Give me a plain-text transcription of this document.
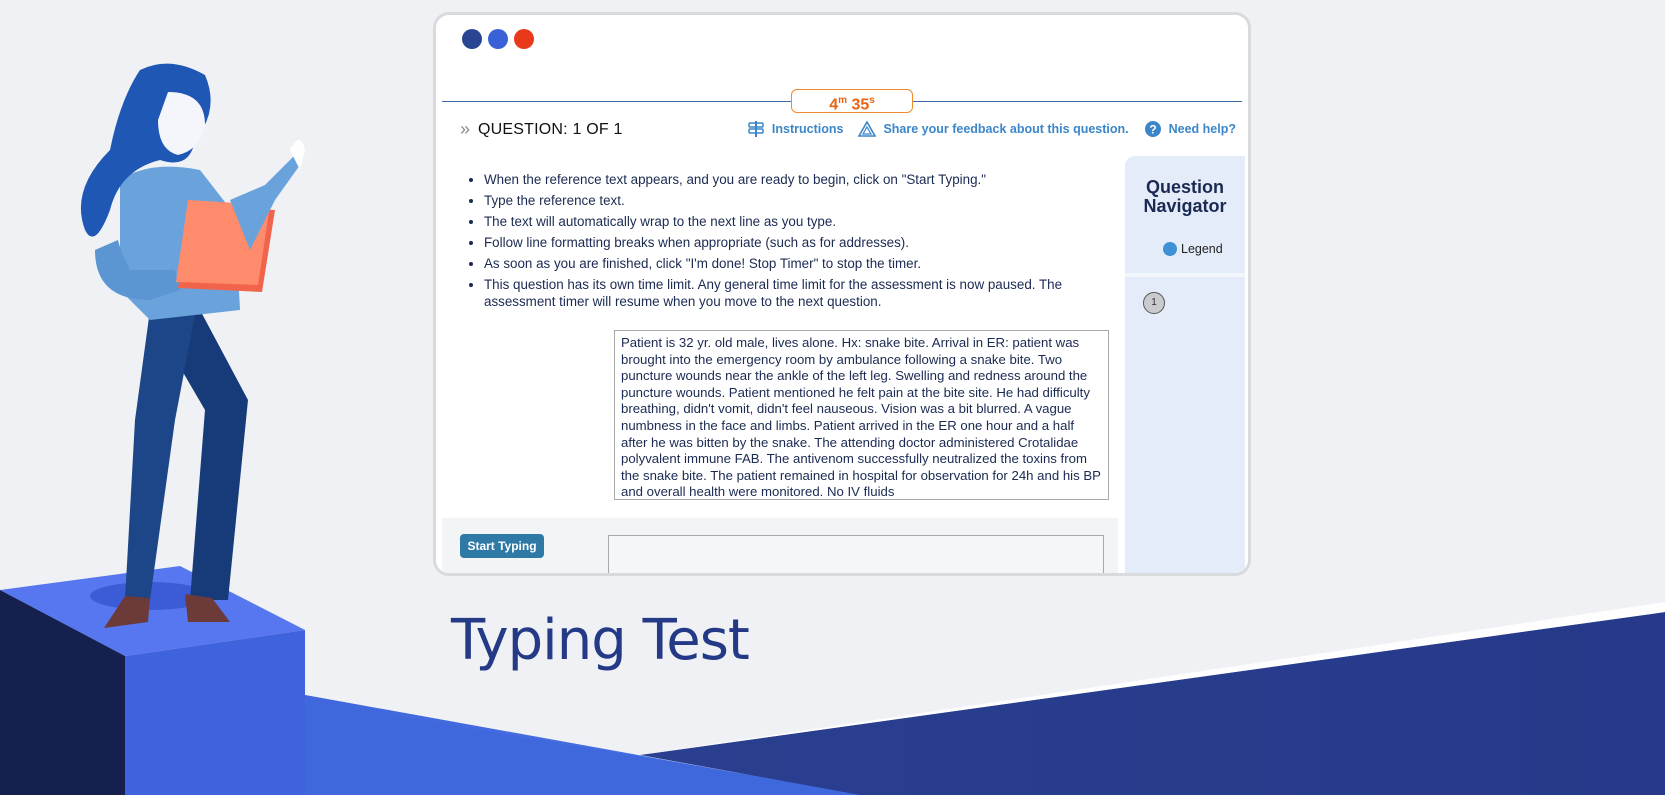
4$^m$ 35$^s$
» QUESTION: 1 OF 1	Instructions	Share your feedback about this question. ? Need help?
• When the reference text appears, and you are ready to begin, click on "Start Typing."
• Type the reference text.
• The text will automatically wrap to the next line as you type.
• Follow line formatting breaks when appropriate (such as for addresses).
• As soon as you are finished, click "I'm done! Stop Timer" to stop the timer.
• This question has its own time limit. Any general time limit for the assessment is now paused. The assessment timer will resume when you move to the next question.
Patient is 32 yr. old male, lives alone. Hx: snake bite. Arrival in ER: patient was brought into the emergency room by ambulance following a snake bite. Two puncture wounds near the ankle of the left leg. Swelling and redness around the puncture wounds. Patient mentioned he felt pain at the bite site. He had difficulty breathing, didn't vomit, didn't feel nauseous. Vision was a bit blurred. A vague numbness in the face and limbs. Patient arrived in the ER one hour and a half after he was bitten by the snake. The attending doctor administered Crotalidae polyvalent immune FAB. The antivenom successfully neutralized the toxins from the snake bite. The patient remained in hospital for observation for 24h and his BP and overall health were monitored. No IV fluids
Start Typing
Question
Navigator
Legend
1
Typing Test
